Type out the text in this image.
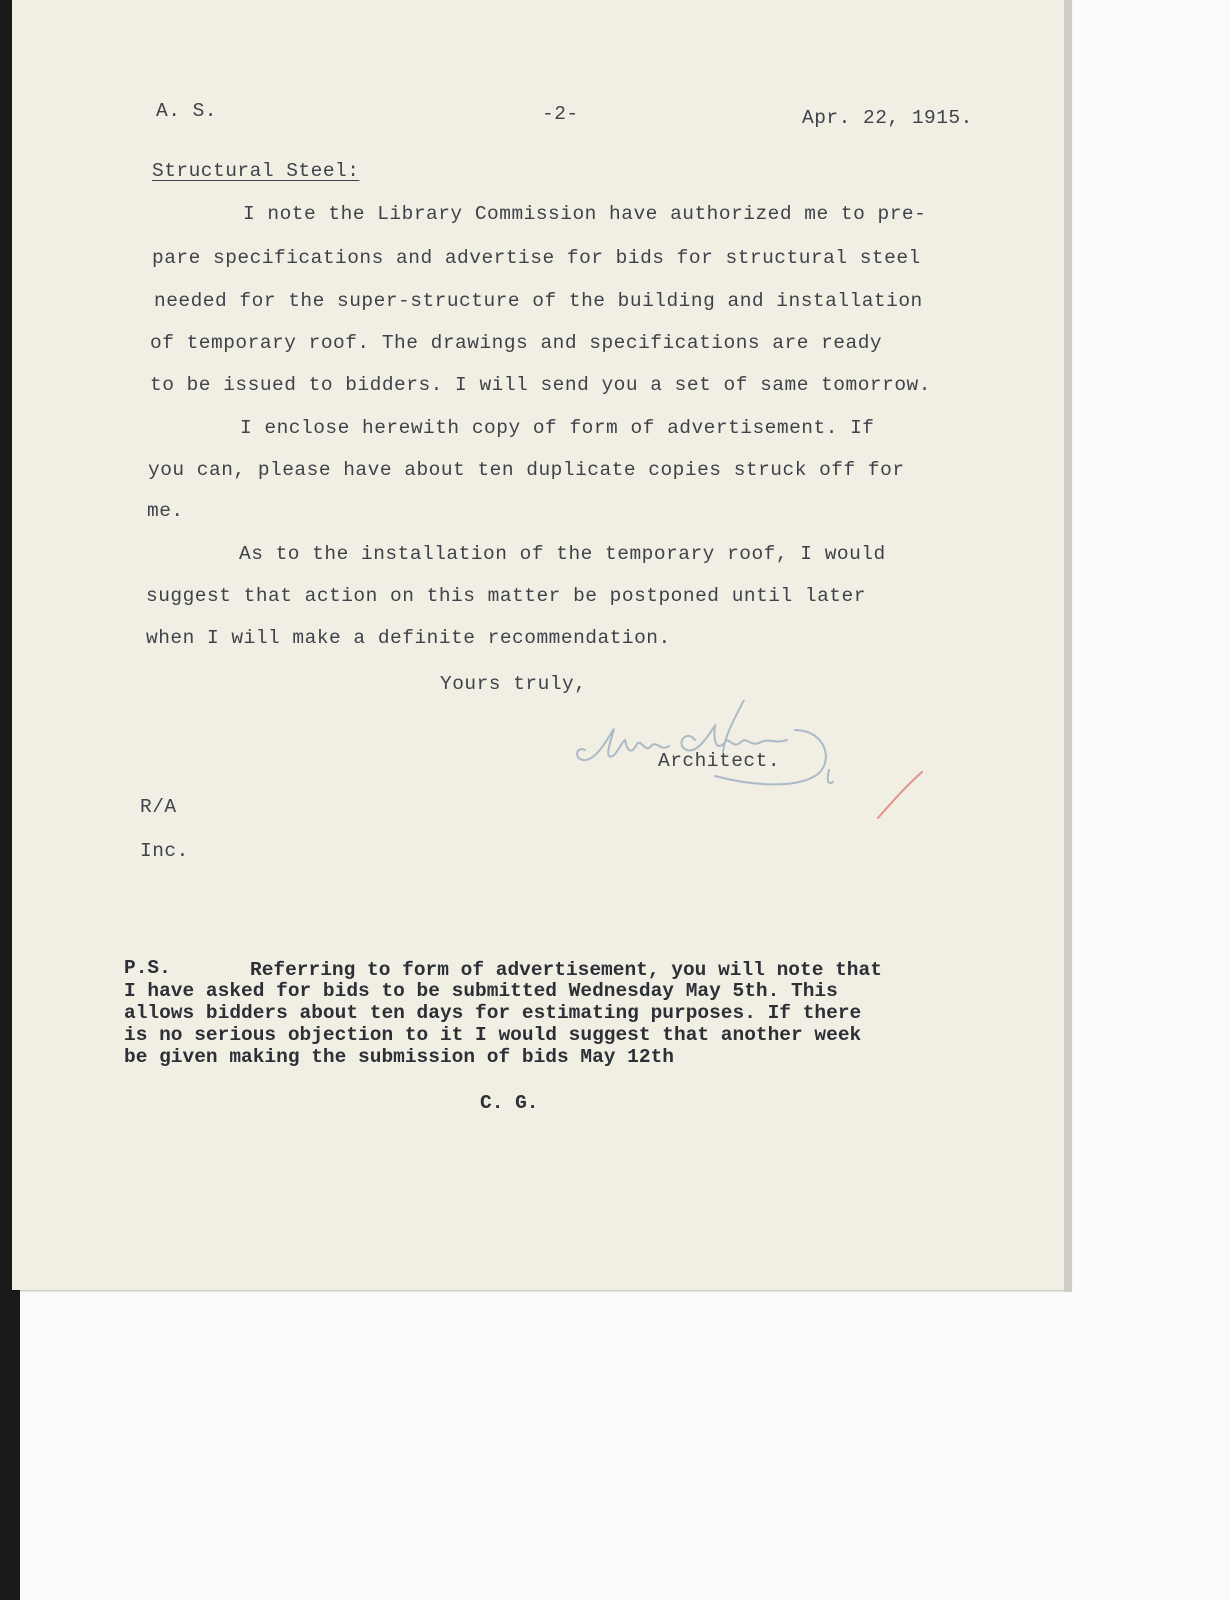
A. S.	-2-	Apr. 22, 1915.
Structural Steel:
I note the Library Commission have authorized me to pre-
pare specifications and advertise for bids for structural steel
needed for the super-structure of the building and installation
of temporary roof. The drawings and specifications are ready
to be issued to bidders. I will send you a set of same tomorrow.
I enclose herewith copy of form of advertisement. If
you can, please have about ten duplicate copies struck off for
me.
As to the installation of the temporary roof, I would
suggest that action on this matter be postponed until later
when I will make a definite recommendation.
Yours truly,
Architect.
R/A
Inc.
P.S.	Referring to form of advertisement, you will note that
I have asked for bids to be submitted Wednesday May 5th. This
allows bidders about ten days for estimating purposes. If there
is no serious objection to it I would suggest that another week
be given making the submission of bids May 12th
C. G.
